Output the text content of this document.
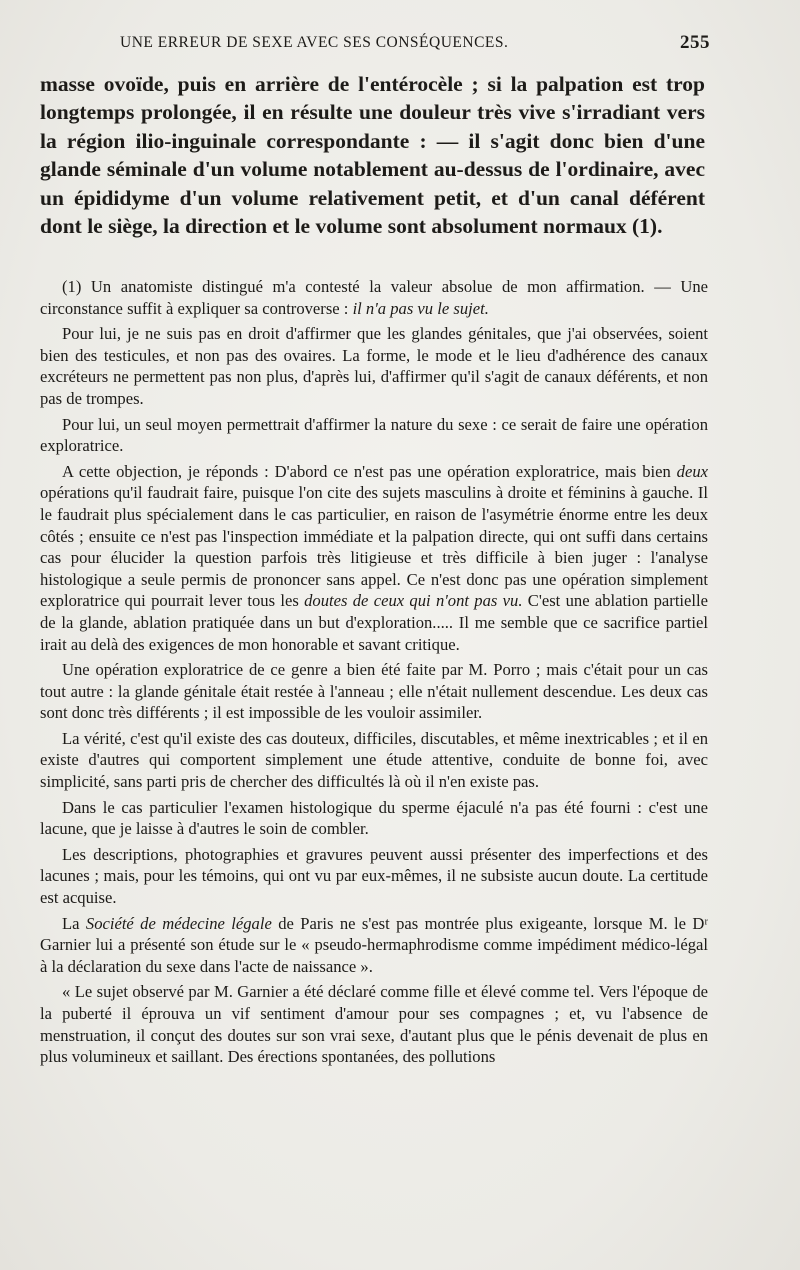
UNE ERREUR DE SEXE AVEC SES CONSÉQUENCES.	255

masse ovoïde, puis en arrière de l'entérocèle ; si la palpation est trop longtemps prolongée, il en résulte une douleur très vive s'irradiant vers la région ilio-inguinale correspondante : — il s'agit donc bien d'une glande séminale d'un volume notablement au-dessus de l'ordinaire, avec un épididyme d'un volume relativement petit, et d'un canal déférent dont le siège, la direction et le volume sont absolument normaux (1).

(1) Un anatomiste distingué m'a contesté la valeur absolue de mon affirmation. — Une circonstance suffit à expliquer sa controverse : il n'a pas vu le sujet.

Pour lui, je ne suis pas en droit d'affirmer que les glandes génitales, que j'ai observées, soient bien des testicules, et non pas des ovaires. La forme, le mode et le lieu d'adhérence des canaux excréteurs ne permettent pas non plus, d'après lui, d'affirmer qu'il s'agit de canaux déférents, et non pas de trompes.

Pour lui, un seul moyen permettrait d'affirmer la nature du sexe : ce serait de faire une opération exploratrice.

A cette objection, je réponds : D'abord ce n'est pas une opération exploratrice, mais bien deux opérations qu'il faudrait faire, puisque l'on cite des sujets masculins à droite et féminins à gauche. Il le faudrait plus spécialement dans le cas particulier, en raison de l'asymétrie énorme entre les deux côtés ; ensuite ce n'est pas l'inspection immédiate et la palpation directe, qui ont suffi dans certains cas pour élucider la question parfois très litigieuse et très difficile à bien juger : l'analyse histologique a seule permis de prononcer sans appel. Ce n'est donc pas une opération simplement exploratrice qui pourrait lever tous les doutes de ceux qui n'ont pas vu. C'est une ablation partielle de la glande, ablation pratiquée dans un but d'exploration..... Il me semble que ce sacrifice partiel irait au delà des exigences de mon honorable et savant critique.

Une opération exploratrice de ce genre a bien été faite par M. Porro ; mais c'était pour un cas tout autre : la glande génitale était restée à l'anneau ; elle n'était nullement descendue. Les deux cas sont donc très différents ; il est impossible de les vouloir assimiler.

La vérité, c'est qu'il existe des cas douteux, difficiles, discutables, et même inextricables ; et il en existe d'autres qui comportent simplement une étude attentive, conduite de bonne foi, avec simplicité, sans parti pris de chercher des difficultés là où il n'en existe pas.

Dans le cas particulier l'examen histologique du sperme éjaculé n'a pas été fourni : c'est une lacune, que je laisse à d'autres le soin de combler.

Les descriptions, photographies et gravures peuvent aussi présenter des imperfections et des lacunes ; mais, pour les témoins, qui ont vu par eux-mêmes, il ne subsiste aucun doute. La certitude est acquise.

La Société de médecine légale de Paris ne s'est pas montrée plus exigeante, lorsque M. le Dʳ Garnier lui a présenté son étude sur le « pseudo-hermaphrodisme comme impédiment médico-légal à la déclaration du sexe dans l'acte de naissance ».

« Le sujet observé par M. Garnier a été déclaré comme fille et élevé comme tel. Vers l'époque de la puberté il éprouva un vif sentiment d'amour pour ses compagnes ; et, vu l'absence de menstruation, il conçut des doutes sur son vrai sexe, d'autant plus que le pénis devenait de plus en plus volumineux et saillant. Des érections spontanées, des pollutions
